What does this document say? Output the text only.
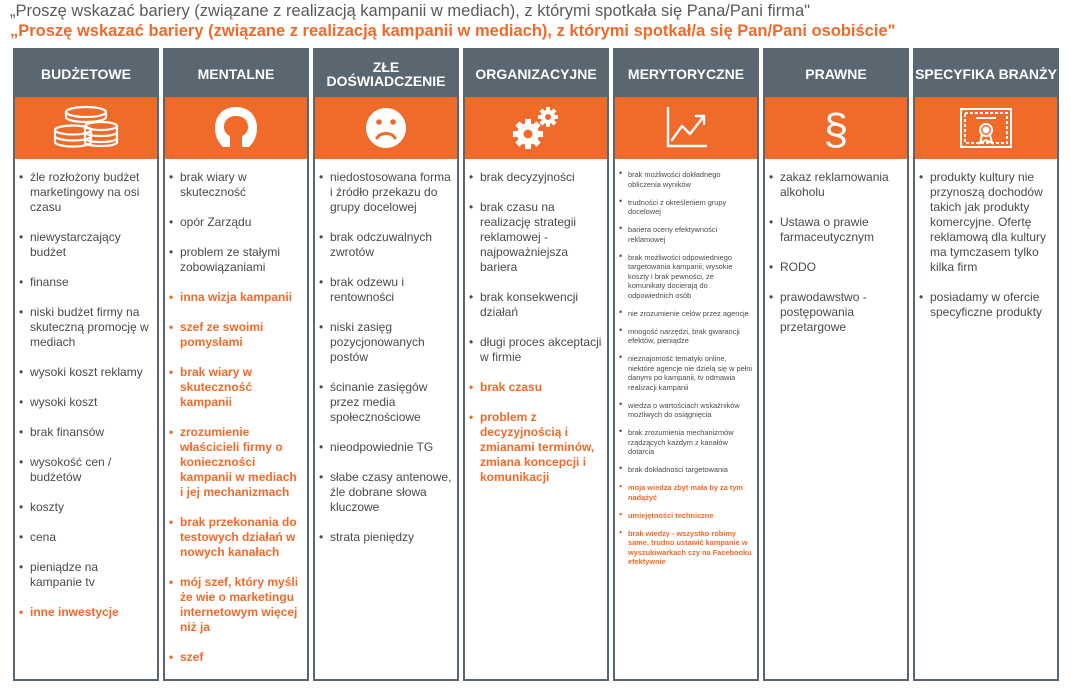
„Proszę wskazać bariery (związane z realizacją kampanii w mediach), z którymi spotkała się Pana/Pani firma"
„Proszę wskazać bariery (związane z realizacją kampanii w mediach), z którymi spotkał/a się Pan/Pani osobiście"
BUDŻETOWE
• źle rozłożony budżet marketingowy na osi czasu
• niewystarczający budżet
• finanse
• niski budżet firmy na skuteczną promocję w mediach
• wysoki koszt reklamy
• wysoki koszt
• brak finansów
• wysokość cen / budżetów
• koszty
• cena
• pieniądze na kampanie tv
• inne inwestycje
MENTALNE
• brak wiary w skuteczność
• opór Zarządu
• problem ze stałymi zobowiązaniami
• inna wizja kampanii
• szef ze swoimi pomysłami
• brak wiary w skuteczność kampanii
• zrozumienie właścicieli firmy o konieczności kampanii w mediach i jej mechanizmach
• brak przekonania do testowych działań w nowych kanałach
• mój szef, który myśli że wie o marketingu internetowym więcej niż ja
• szef
ZŁE DOŚWIADCZENIE
• niedostosowana forma i źródło przekazu do grupy docelowej
• brak odczuwalnych zwrotów
• brak odzewu i rentowności
• niski zasięg pozycjonowanych postów
• ścinanie zasięgów przez media społecznościowe
• nieodpowiednie TG
• słabe czasy antenowe, źle dobrane słowa kluczowe
• strata pieniędzy
ORGANIZACYJNE
• brak decyzyjności
• brak czasu na realizację strategii reklamowej - najpoważniejsza bariera
• brak konsekwencji działań
• długi proces akceptacji w firmie
• brak czasu
• problem z decyzyjnością i zmianami terminów, zmiana koncepcji i komunikacji
MERYTORYCZNE
• brak możliwości dokładnego obliczenia wyników
• trudności z określeniem grupy docelowej
• bariera oceny efektywności reklamowej
• brak możliwości odpowiedniego targetowania kampanii; wysokie koszty i brak pewności, że komunikaty docierają do odpowiednich osób
• nie zrozumienie celów przez agencje
• mnogość narzędzi, brak gwarancji efektów, pieniądze
• nieznajomość tematyki online, niektóre agencje nie dzielą się w pełni danymi po kampanii, tv odmawia realizacji kampanii
• wiedza o wartościach wskaźników możliwych do osiągnięcia
• brak zrozumienia mechanizmów rządzących każdym z kanałów dotarcia
• brak dokładności targetowania
• moja wiedza zbyt mała by za tym nadążyć
• umiejętności techniczne
• brak wiedzy - wszystko robimy same, trudno ustawić kampanie w wyszukiwarkach czy na Facebooku efektywnie
PRAWNE
§
• zakaz reklamowania alkoholu
• Ustawa o prawie farmaceutycznym
• RODO
• prawodawstwo - postępowania przetargowe
SPECYFIKA BRANŻY
• produkty kultury nie przynoszą dochodów takich jak produkty komercyjne. Ofertę reklamową dla kultury ma tymczasem tylko kilka firm
• posiadamy w ofercie specyficzne produkty
